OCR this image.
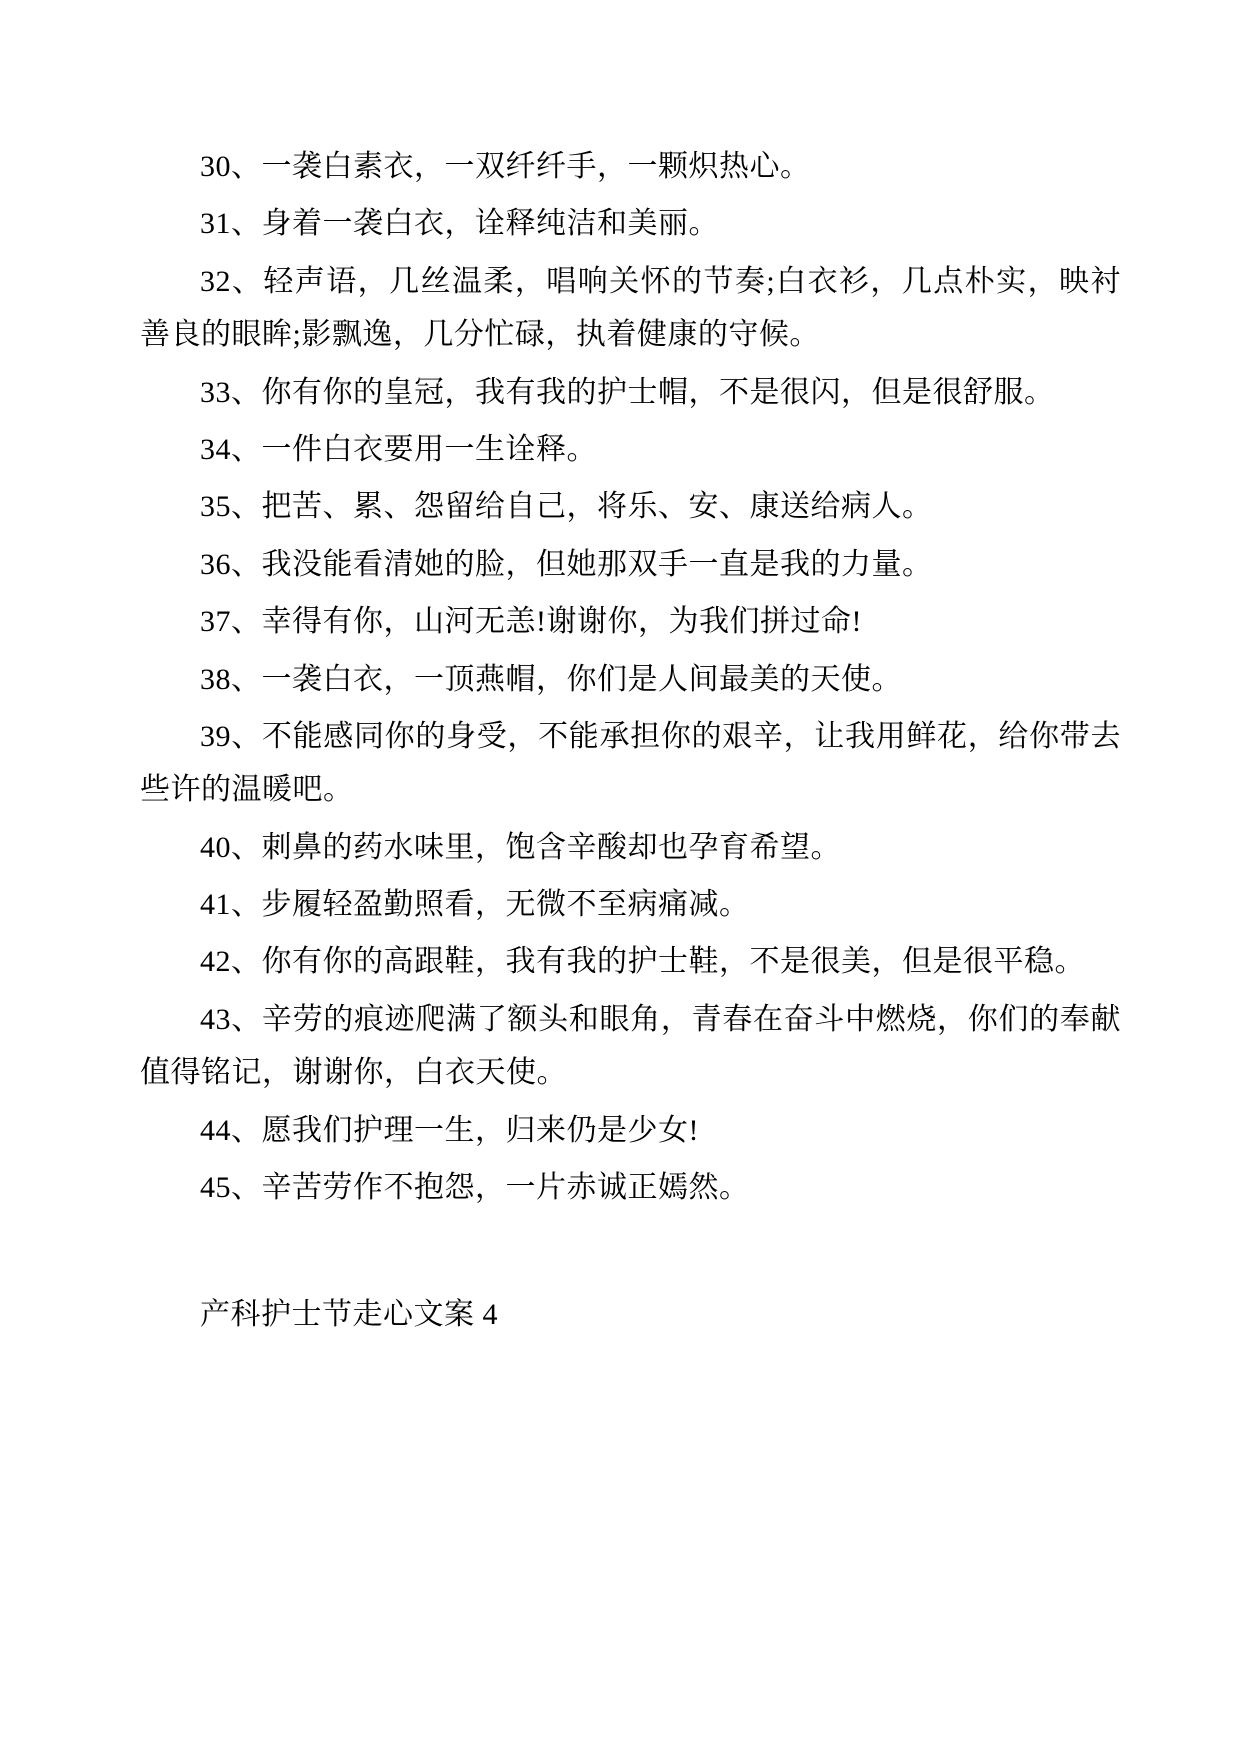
30、一袭白素衣，一双纤纤手，一颗炽热心。

31、身着一袭白衣，诠释纯洁和美丽。

32、轻声语，几丝温柔，唱响关怀的节奏;白衣衫，几点朴实，映衬善良的眼眸;影飘逸，几分忙碌，执着健康的守候。

33、你有你的皇冠，我有我的护士帽，不是很闪，但是很舒服。

34、一件白衣要用一生诠释。

35、把苦、累、怨留给自己，将乐、安、康送给病人。

36、我没能看清她的脸，但她那双手一直是我的力量。

37、幸得有你，山河无恙!谢谢你，为我们拼过命!

38、一袭白衣，一顶燕帽，你们是人间最美的天使。

39、不能感同你的身受，不能承担你的艰辛，让我用鲜花，给你带去些许的温暖吧。

40、刺鼻的药水味里，饱含辛酸却也孕育希望。

41、步履轻盈勤照看，无微不至病痛减。

42、你有你的高跟鞋，我有我的护士鞋，不是很美，但是很平稳。

43、辛劳的痕迹爬满了额头和眼角，青春在奋斗中燃烧，你们的奉献值得铭记，谢谢你，白衣天使。

44、愿我们护理一生，归来仍是少女!

45、辛苦劳作不抱怨，一片赤诚正嫣然。

产科护士节走心文案 4
